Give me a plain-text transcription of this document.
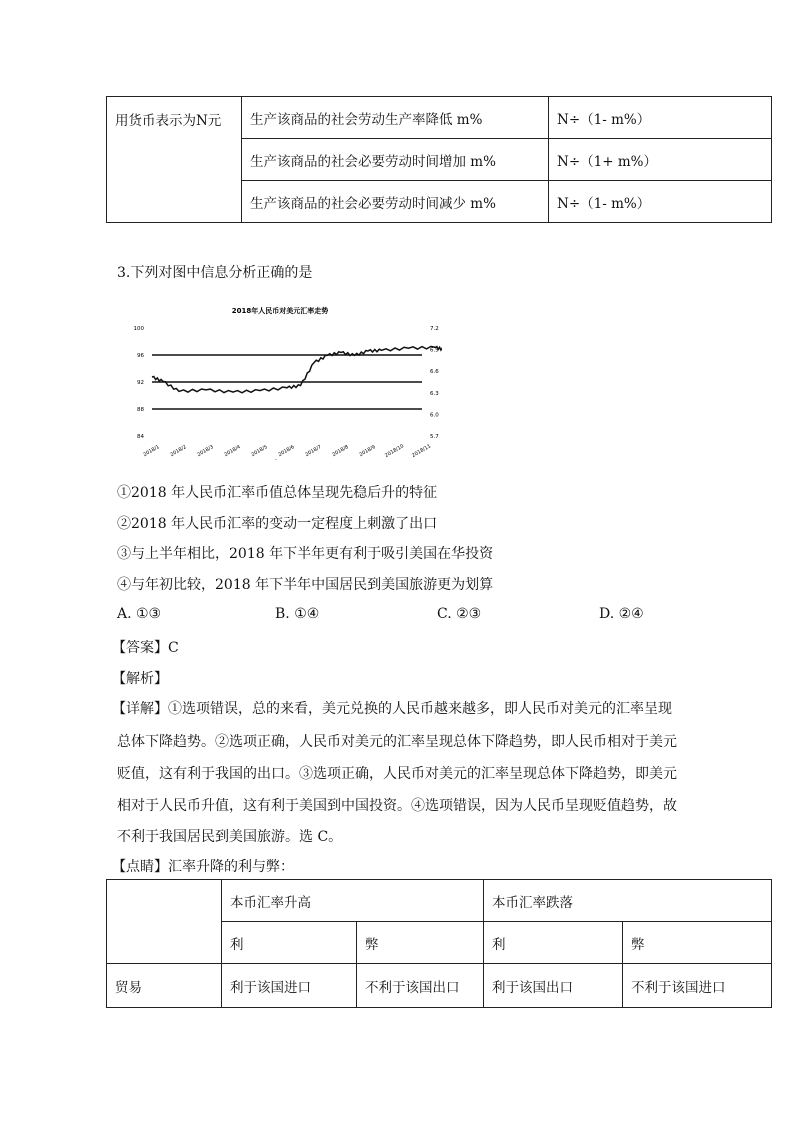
用货币表示为N元	生产该商品的社会劳动生产率降低 m%	N÷（1- m%）
	生产该商品的社会必要劳动时间增加 m%	N÷（1+ m%）
	生产该商品的社会必要劳动时间减少 m%	N÷（1- m%）
3.下列对图中信息分析正确的是
2018年人民币对美元汇率走势
100
96
92
88
84
7.2
6.9
6.6
6.3
6.0
5.7
2018/1 2018/2 2018/3 2018/4 2018/5 2018/6 2018/7 2018/8 2018/9 2018/10 2018/11
.
①2018 年人民币汇率币值总体呈现先稳后升的特征
②2018 年人民币汇率的变动一定程度上刺激了出口
③与上半年相比，2018 年下半年更有利于吸引美国在华投资
④与年初比较，2018 年下半年中国居民到美国旅游更为划算
A. ①③	B. ①④	C. ②③	D. ②④
【答案】C
【解析】
【详解】①选项错误，总的来看，美元兑换的人民币越来越多，即人民币对美元的汇率呈现
总体下降趋势。②选项正确，人民币对美元的汇率呈现总体下降趋势，即人民币相对于美元
贬值，这有利于我国的出口。③选项正确，人民币对美元的汇率呈现总体下降趋势，即美元
相对于人民币升值，这有利于美国到中国投资。④选项错误，因为人民币呈现贬值趋势，故
不利于我国居民到美国旅游。选 C。
【点睛】汇率升降的利与弊：
	本币汇率升高		本币汇率跌落	
	利	弊	利	弊
贸易	利于该国进口	不利于该国出口	利于该国出口	不利于该国进口
